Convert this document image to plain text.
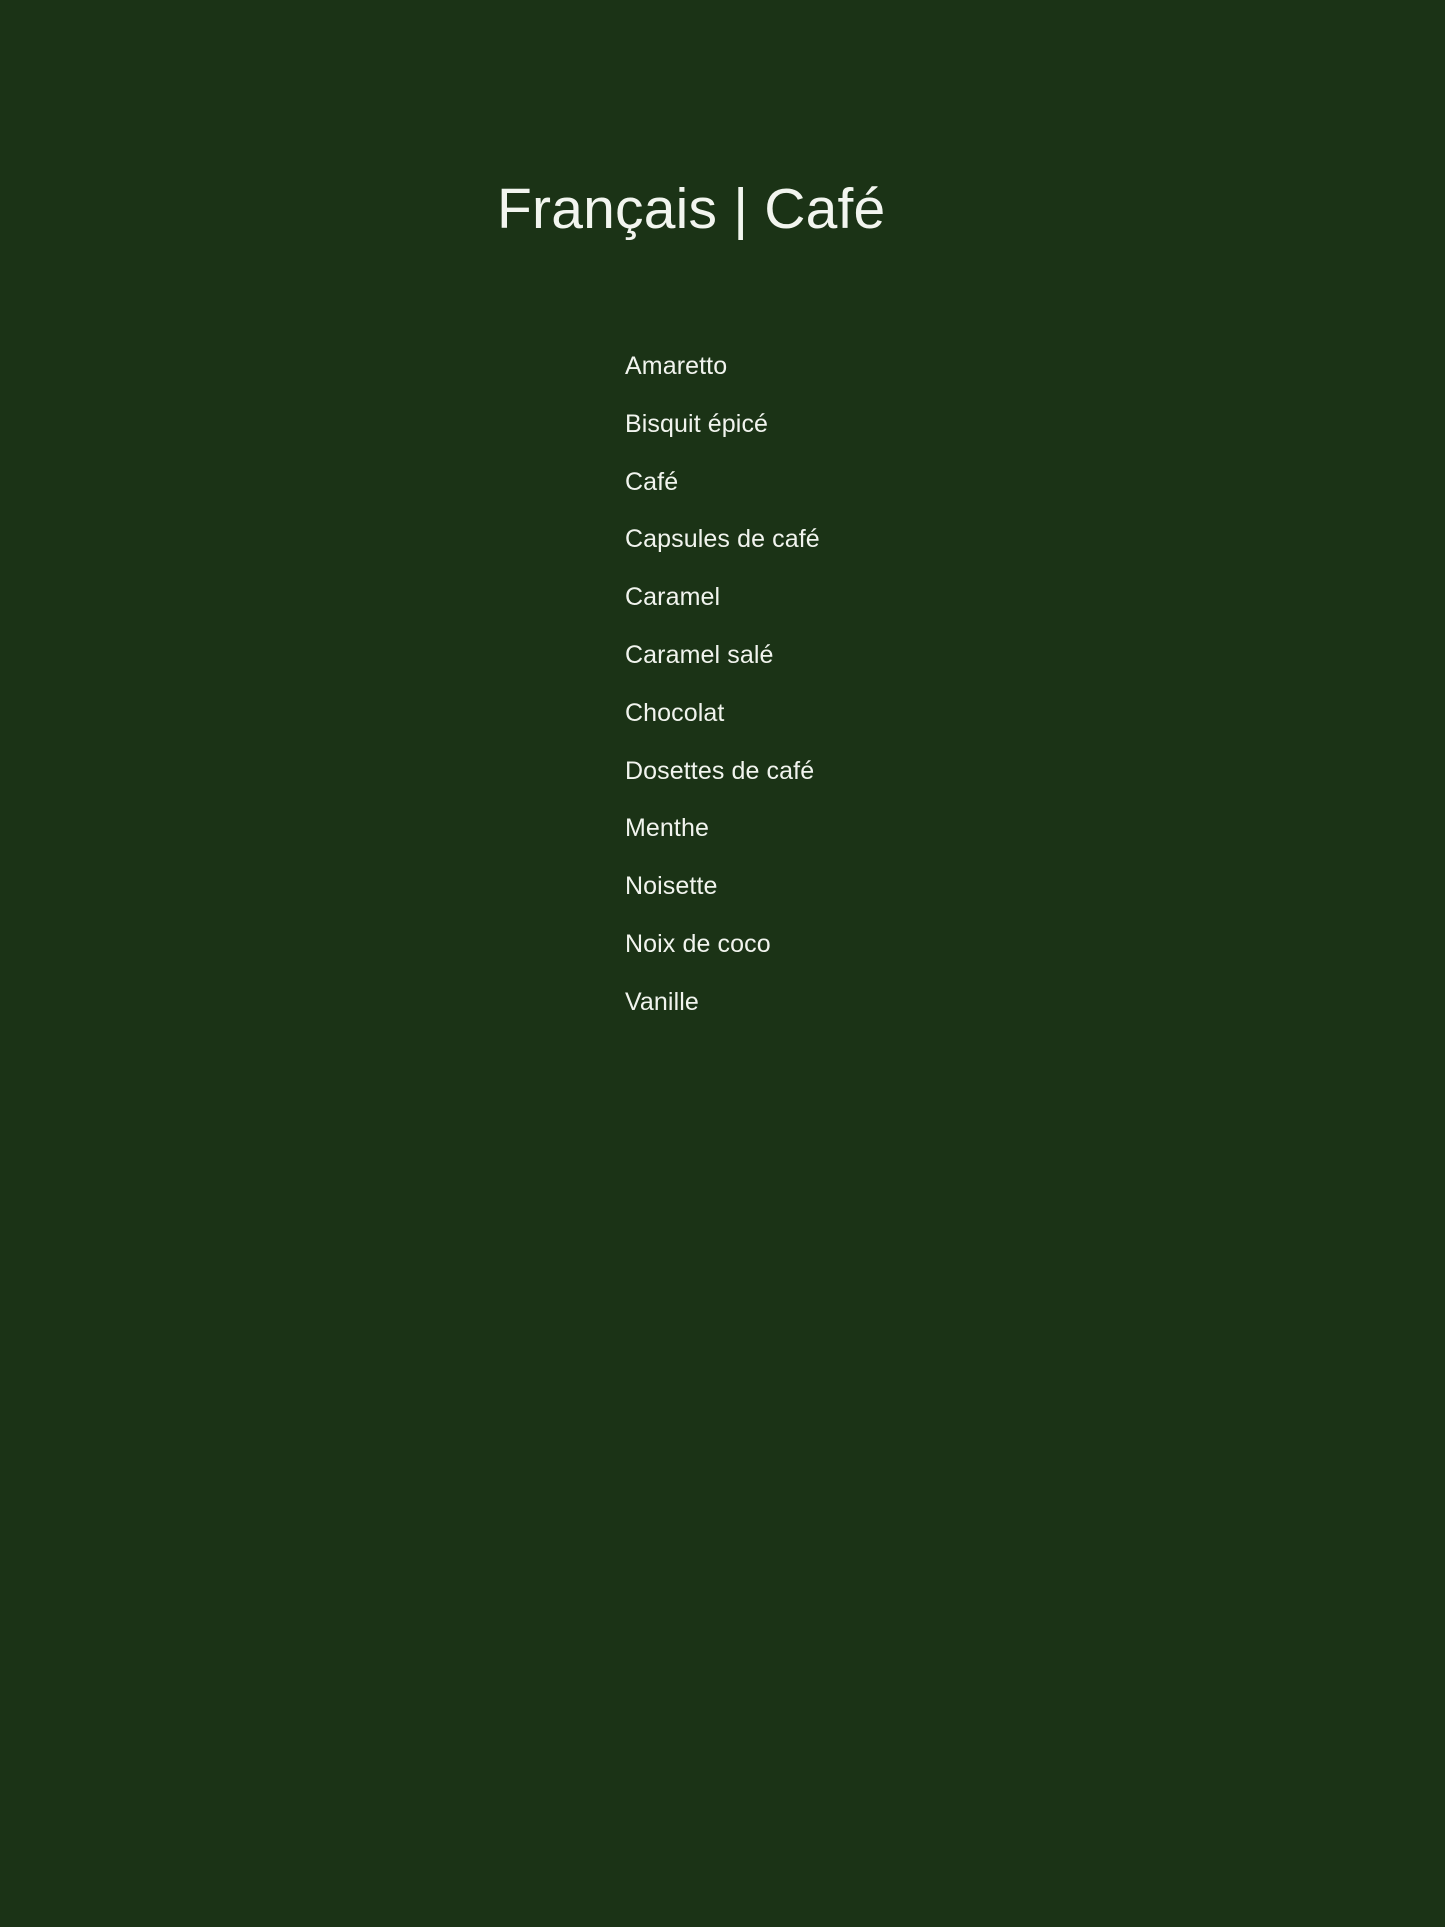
Français | Café
Amaretto
Bisquit épicé
Café
Capsules de café
Caramel
Caramel salé
Chocolat
Dosettes de café
Menthe
Noisette
Noix de coco
Vanille
